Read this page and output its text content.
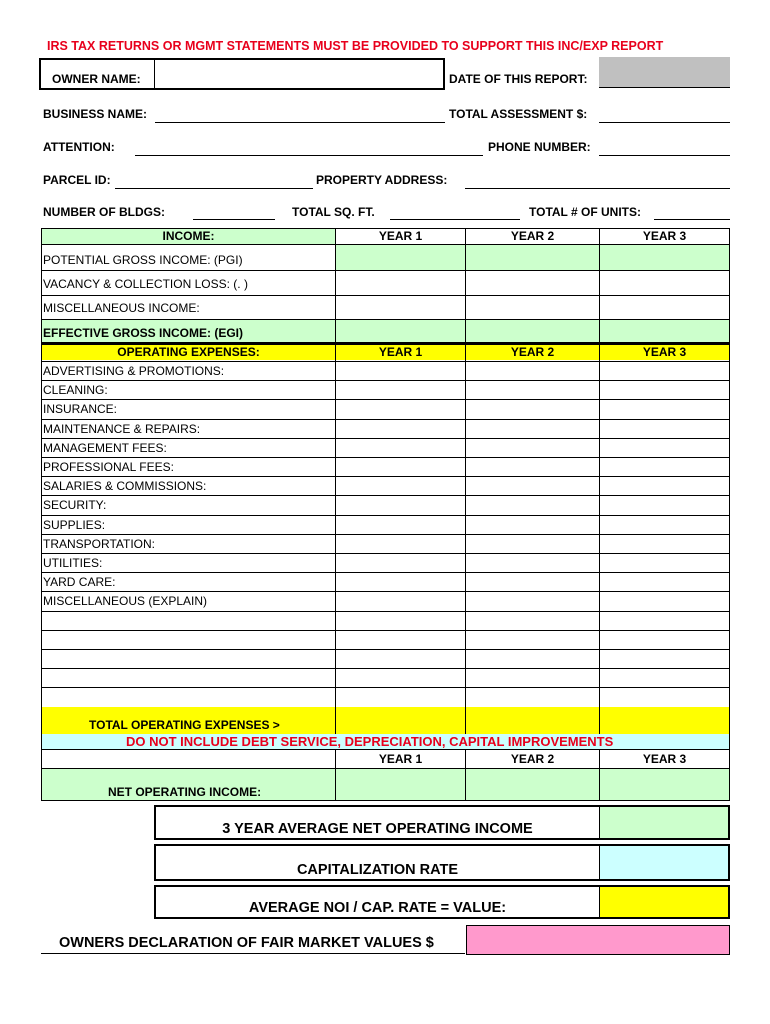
IRS TAX RETURNS OR MGMT STATEMENTS MUST BE PROVIDED TO SUPPORT THIS INC/EXP REPORT
OWNER NAME:	DATE OF THIS REPORT:
BUSINESS NAME:	TOTAL ASSESSMENT $:
ATTENTION:	PHONE NUMBER:
PARCEL ID:	PROPERTY ADDRESS:
NUMBER OF BLDGS:	TOTAL SQ. FT.	TOTAL # OF UNITS:
INCOME:	YEAR 1	YEAR 2	YEAR 3
POTENTIAL GROSS INCOME: (PGI)
VACANCY & COLLECTION LOSS: (. )
MISCELLANEOUS INCOME:
EFFECTIVE GROSS INCOME: (EGI)
OPERATING EXPENSES:	YEAR 1	YEAR 2	YEAR 3
ADVERTISING & PROMOTIONS:
CLEANING:
INSURANCE:
MAINTENANCE & REPAIRS:
MANAGEMENT FEES:
PROFESSIONAL FEES:
SALARIES & COMMISSIONS:
SECURITY:
SUPPLIES:
TRANSPORTATION:
UTILITIES:
YARD CARE:
MISCELLANEOUS (EXPLAIN)
TOTAL OPERATING EXPENSES >
DO NOT INCLUDE DEBT SERVICE, DEPRECIATION, CAPITAL IMPROVEMENTS
YEAR 1	YEAR 2	YEAR 3
NET OPERATING INCOME:
3 YEAR AVERAGE NET OPERATING INCOME
CAPITALIZATION RATE
AVERAGE NOI / CAP. RATE = VALUE:
OWNERS DECLARATION OF FAIR MARKET VALUES $
